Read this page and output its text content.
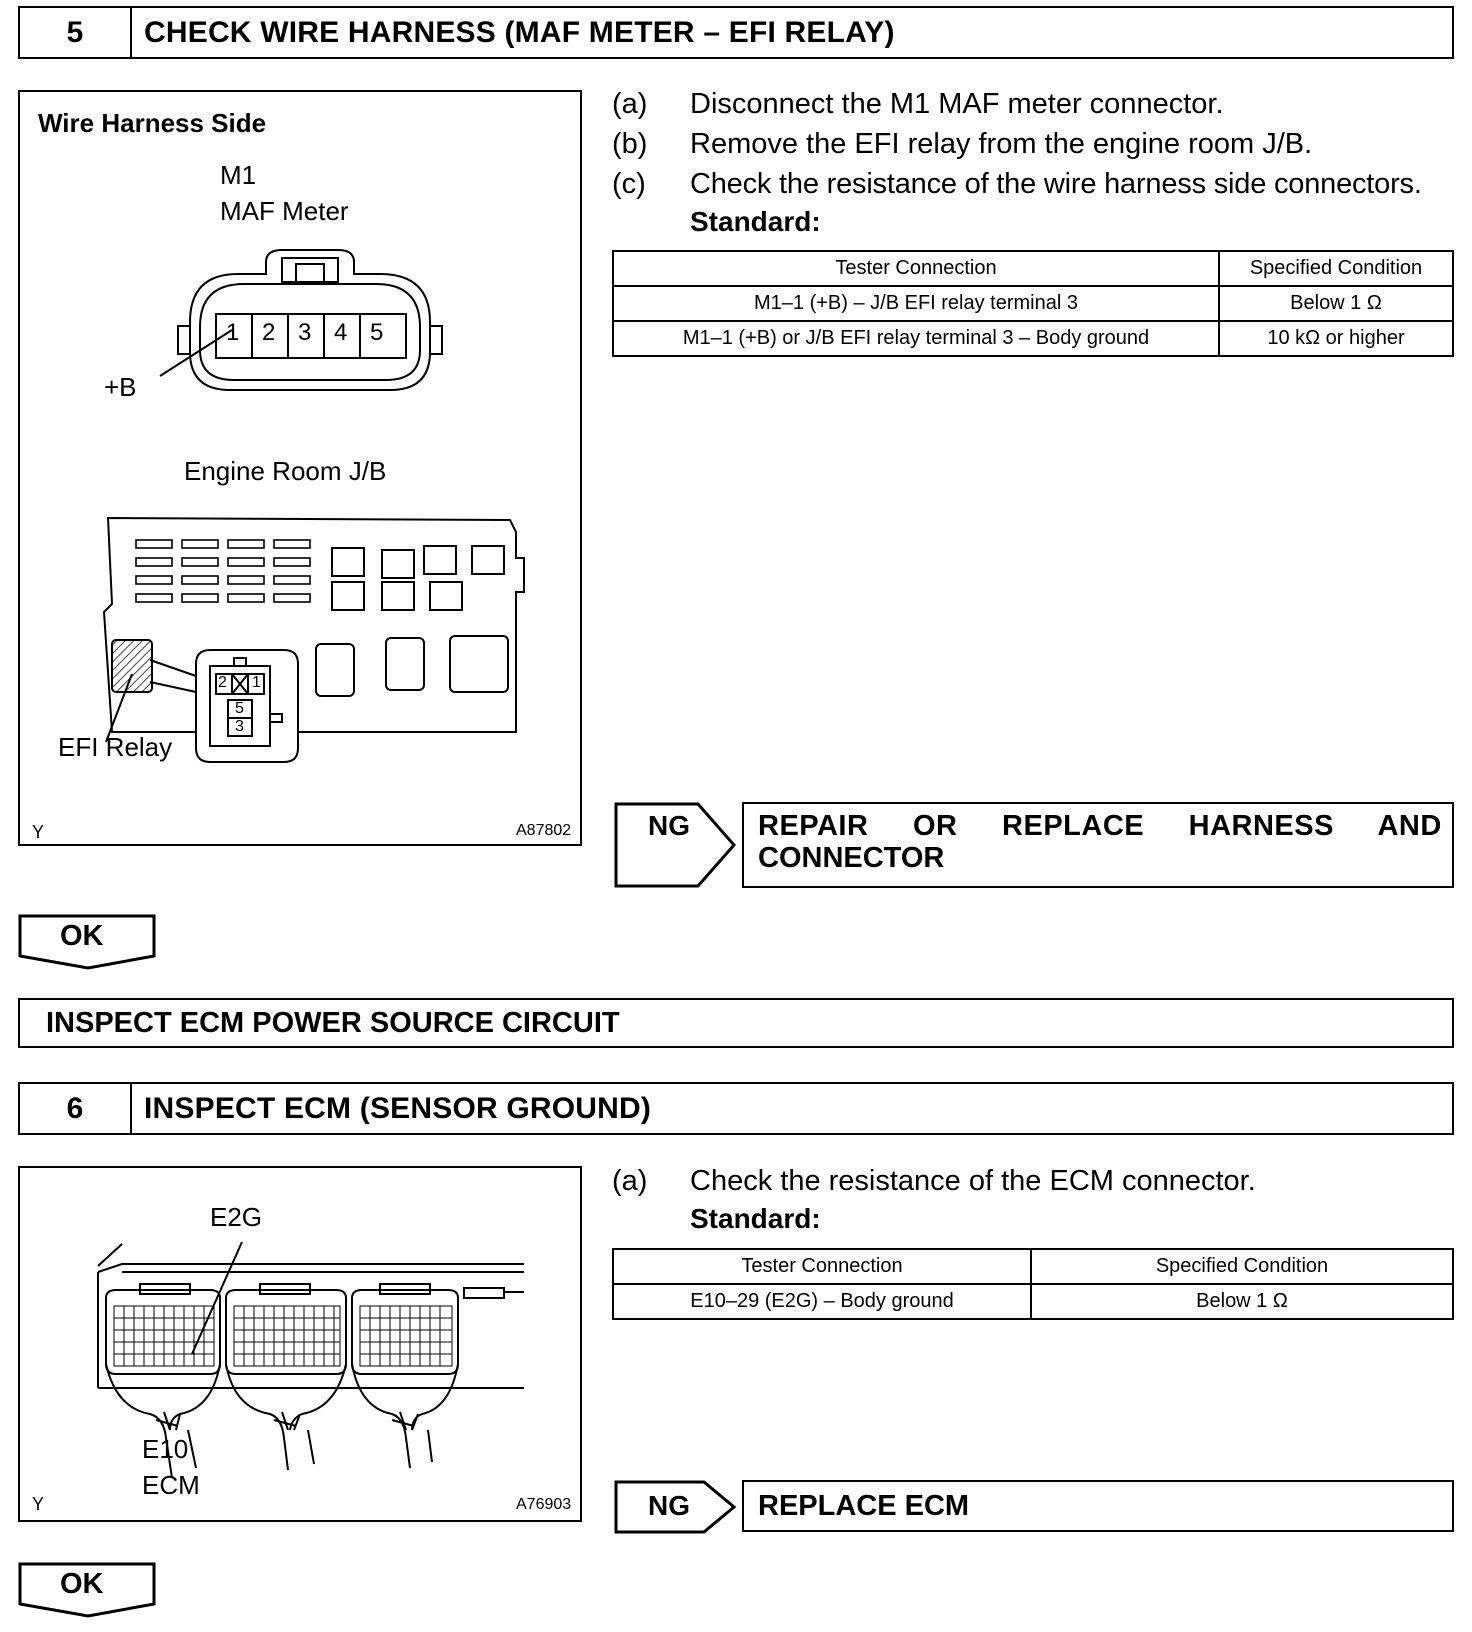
5	CHECK WIRE HARNESS (MAF METER – EFI RELAY)
Wire Harness Side
M1
MAF Meter
1 2 3 4 5
+B
Engine Room J/B
2 1
5
3
EFI Relay
Y	A87802
(a) Disconnect the M1 MAF meter connector.
(b) Remove the EFI relay from the engine room J/B.
(c) Check the resistance of the wire harness side connectors.
Standard:
Tester Connection	Specified Condition
M1–1 (+B) – J/B EFI relay terminal 3	Below 1 Ω
M1–1 (+B) or J/B EFI relay terminal 3 – Body ground	10 kΩ or higher
NG REPAIR OR REPLACE HARNESS AND
CONNECTOR
OK
INSPECT ECM POWER SOURCE CIRCUIT
6	INSPECT ECM (SENSOR GROUND)
E2G
E10
ECM
Y	A76903
(a) Check the resistance of the ECM connector.
Standard:
Tester Connection	Specified Condition
E10–29 (E2G) – Body ground	Below 1 Ω
NG REPLACE ECM
OK
